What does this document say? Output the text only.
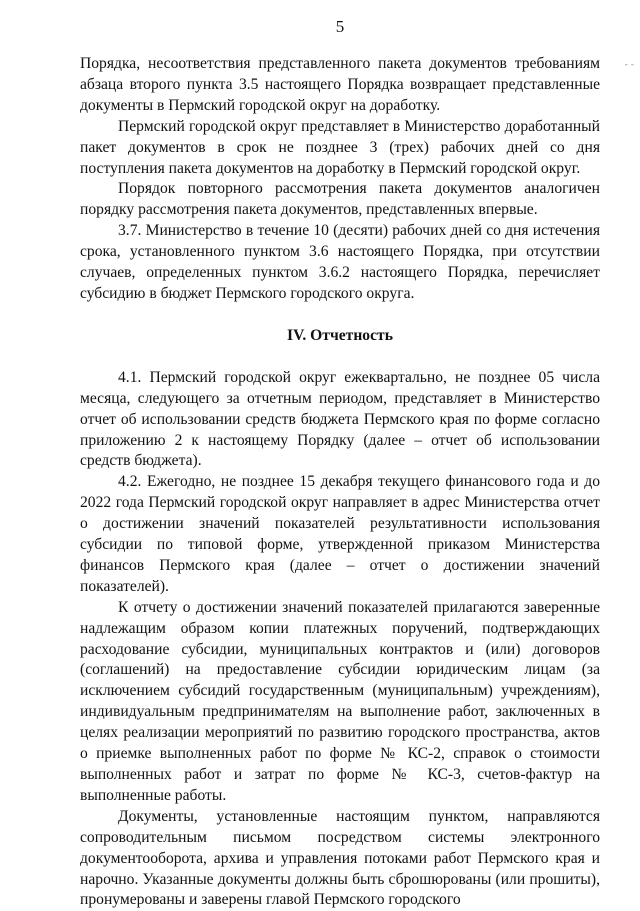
- -
5

Порядка, несоответствия представленного пакета документов требованиям абзаца второго пункта 3.5 настоящего Порядка возвращает представленные документы в Пермский городской округ на доработку.

Пермский городской округ представляет в Министерство доработанный пакет документов в срок не позднее 3 (трех) рабочих дней со дня поступления пакета документов на доработку в Пермский городской округ.

Порядок повторного рассмотрения пакета документов аналогичен порядку рассмотрения пакета документов, представленных впервые.

3.7. Министерство в течение 10 (десяти) рабочих дней со дня истечения срока, установленного пунктом 3.6 настоящего Порядка, при отсутствии случаев, определенных пунктом 3.6.2 настоящего Порядка, перечисляет субсидию в бюджет Пермского городского округа.

IV. Отчетность

4.1. Пермский городской округ ежеквартально, не позднее 05 числа месяца, следующего за отчетным периодом, представляет в Министерство отчет об использовании средств бюджета Пермского края по форме согласно приложению 2 к настоящему Порядку (далее – отчет об использовании средств бюджета).

4.2. Ежегодно, не позднее 15 декабря текущего финансового года и до 2022 года Пермский городской округ направляет в адрес Министерства отчет о достижении значений показателей результативности использования субсидии по типовой форме, утвержденной приказом Министерства финансов Пермского края (далее – отчет о достижении значений показателей).

К отчету о достижении значений показателей прилагаются заверенные надлежащим образом копии платежных поручений, подтверждающих расходование субсидии, муниципальных контрактов и (или) договоров (соглашений) на предоставление субсидии юридическим лицам (за исключением субсидий государственным (муниципальным) учреждениям), индивидуальным предпринимателям на выполнение работ, заключенных в целях реализации мероприятий по развитию городского пространства, актов о приемке выполненных работ по форме № КС-2, справок о стоимости выполненных работ и затрат по форме № КС-3, счетов-фактур на выполненные работы.

Документы, установленные настоящим пунктом, направляются сопроводительным письмом посредством системы электронного документооборота, архива и управления потоками работ Пермского края и нарочно. Указанные документы должны быть сброшюрованы (или прошиты), пронумерованы и заверены главой Пермского городского
